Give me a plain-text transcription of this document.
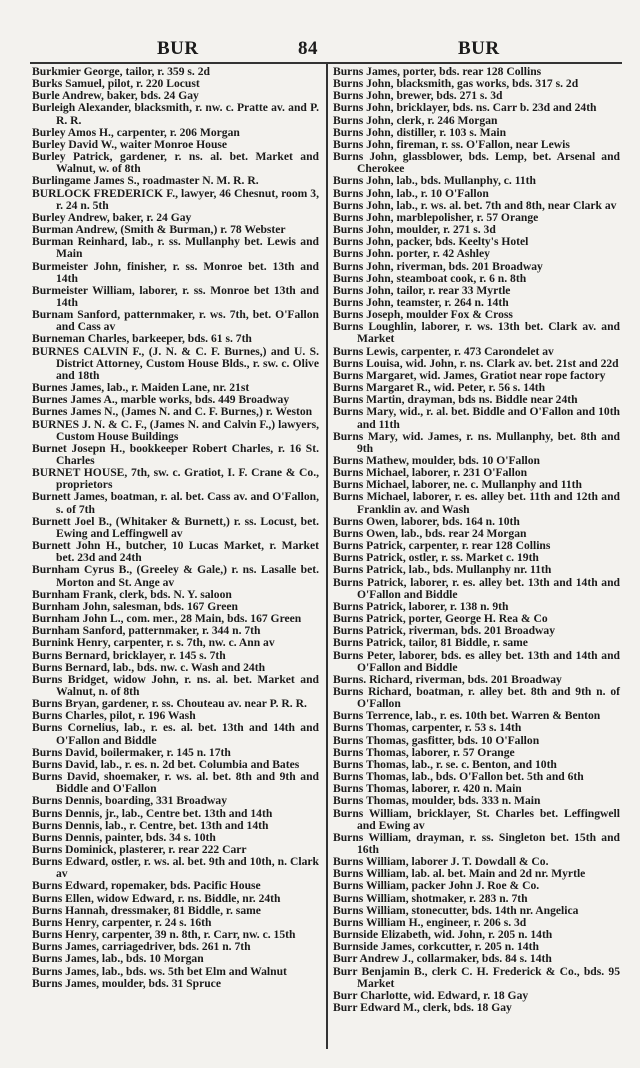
BUR	84	BUR
Burkmier George, tailor, r. 359 s. 2d
Burks Samuel, pilot, r. 220 Locust
Burle Andrew, baker, bds. 24 Gay
Burleigh Alexander, blacksmith, r. nw. c. Pratte av. and P. R. R.
Burley Amos H., carpenter, r. 206 Morgan
Burley David W., waiter Monroe House
Burley Patrick, gardener, r. ns. al. bet. Market and Walnut, w. of 8th
Burlingame James S., roadmaster N. M. R. R.
BURLOCK FREDERICK F., lawyer, 46 Chesnut, room 3, r. 24 n. 5th
Burley Andrew, baker, r. 24 Gay
Burman Andrew, (Smith & Burman,) r. 78 Webster
Burman Reinhard, lab., r. ss. Mullanphy bet. Lewis and Main
Burmeister John, finisher, r. ss. Monroe bet. 13th and 14th
Burmeister William, laborer, r. ss. Monroe bet 13th and 14th
Burnam Sanford, patternmaker, r. ws. 7th, bet. O'Fallon and Cass av
Burneman Charles, barkeeper, bds. 61 s. 7th
BURNES CALVIN F., (J. N. & C. F. Burnes,) and U. S. District Attorney, Custom House Blds., r. sw. c. Olive and 18th
Burnes James, lab., r. Maiden Lane, nr. 21st
Burnes James A., marble works, bds. 449 Broadway
Burnes James N., (James N. and C. F. Burnes,) r. Weston
BURNES J. N. & C. F., (James N. and Calvin F.,) lawyers, Custom House Buildings
Burnet Josepn H., bookkeeper Robert Charles, r. 16 St. Charles
BURNET HOUSE, 7th, sw. c. Gratiot, I. F. Crane & Co., proprietors
Burnett James, boatman, r. al. bet. Cass av. and O'Fallon, s. of 7th
Burnett Joel B., (Whitaker & Burnett,) r. ss. Locust, bet. Ewing and Leffingwell av
Burnett John H., butcher, 10 Lucas Market, r. Market bet. 23d and 24th
Burnham Cyrus B., (Greeley & Gale,) r. ns. Lasalle bet. Morton and St. Ange av
Burnham Frank, clerk, bds. N. Y. saloon
Burnham John, salesman, bds. 167 Green
Burnham John L., com. mer., 28 Main, bds. 167 Green
Burnham Sanford, patternmaker, r. 344 n. 7th
Burnink Henry, carpenter, r. s. 7th, nw. c. Ann av
Burns Bernard, bricklayer, r. 145 s. 7th
Burns Bernard, lab., bds. nw. c. Wash and 24th
Burns Bridget, widow John, r. ns. al. bet. Market and Walnut, n. of 8th
Burns Bryan, gardener, r. ss. Chouteau av. near P. R. R.
Burns Charles, pilot, r. 196 Wash
Burns Cornelius, lab., r. es. al. bet. 13th and 14th and O'Fallon and Biddle
Burns David, boilermaker, r. 145 n. 17th
Burns David, lab., r. es. n. 2d bet. Columbia and Bates
Burns David, shoemaker, r. ws. al. bet. 8th and 9th and Biddle and O'Fallon
Burns Dennis, boarding, 331 Broadway
Burns Dennis, jr., lab., Centre bet. 13th and 14th
Burns Dennis, lab., r. Centre, bet. 13th and 14th
Burns Dennis, painter, bds. 34 s. 10th
Burns Dominick, plasterer, r. rear 222 Carr
Burns Edward, ostler, r. ws. al. bet. 9th and 10th, n. Clark av
Burns Edward, ropemaker, bds. Pacific House
Burns Ellen, widow Edward, r. ns. Biddle, nr. 24th
Burns Hannah, dressmaker, 81 Biddle, r. same
Burns Henry, carpenter, r. 24 s. 16th
Burns Henry, carpenter, 39 n. 8th, r. Carr, nw. c. 15th
Burns James, carriagedriver, bds. 261 n. 7th
Burns James, lab., bds. 10 Morgan
Burns James, lab., bds. ws. 5th bet Elm and Walnut
Burns James, moulder, bds. 31 Spruce
Burns James, porter, bds. rear 128 Collins
Burns John, blacksmith, gas works, bds. 317 s. 2d
Burns John, brewer, bds. 271 s. 3d
Burns John, bricklayer, bds. ns. Carr b. 23d and 24th
Burns John, clerk, r. 246 Morgan
Burns John, distiller, r. 103 s. Main
Burns John, fireman, r. ss. O'Fallon, near Lewis
Burns John, glassblower, bds. Lemp, bet. Arsenal and Cherokee
Burns John, lab., bds. Mullanphy, c. 11th
Burns John, lab., r. 10 O'Fallon
Burns John, lab., r. ws. al. bet. 7th and 8th, near Clark av
Burns John, marblepolisher, r. 57 Orange
Burns John, moulder, r. 271 s. 3d
Burns John, packer, bds. Keelty's Hotel
Burns John. porter, r. 42 Ashley
Burns John, riverman, bds. 201 Broadway
Burns John, steamboat cook, r. 6 n. 8th
Burns John, tailor, r. rear 33 Myrtle
Burns John, teamster, r. 264 n. 14th
Burns Joseph, moulder Fox & Cross
Burns Loughlin, laborer, r. ws. 13th bet. Clark av. and Market
Burns Lewis, carpenter, r. 473 Carondelet av
Burns Louisa, wid. John, r. ns. Clark av. bet. 21st and 22d
Burns Margaret, wid. James, Gratiot near rope factory
Burns Margaret R., wid. Peter, r. 56 s. 14th
Burns Martin, drayman, bds ns. Biddle near 24th
Burns Mary, wid., r. al. bet. Biddle and O'Fallon and 10th and 11th
Burns Mary, wid. James, r. ns. Mullanphy, bet. 8th and 9th
Burns Mathew, moulder, bds. 10 O'Fallon
Burns Michael, laborer, r. 231 O'Fallon
Burns Michael, laborer, ne. c. Mullanphy and 11th
Burns Michael, laborer, r. es. alley bet. 11th and 12th and Franklin av. and Wash
Burns Owen, laborer, bds. 164 n. 10th
Burns Owen, lab., bds. rear 24 Morgan
Burns Patrick, carpenter, r. rear 128 Collins
Burns Patrick, ostler, r. ss. Market c. 19th
Burns Patrick, lab., bds. Mullanphy nr. 11th
Burns Patrick, laborer, r. es. alley bet. 13th and 14th and O'Fallon and Biddle
Burns Patrick, laborer, r. 138 n. 9th
Burns Patrick, porter, George H. Rea & Co
Burns Patrick, riverman, bds. 201 Broadway
Burns Patrick, tailor, 81 Biddle, r. same
Burns Peter, laborer, bds. es alley bet. 13th and 14th and O'Fallon and Biddle
Burns. Richard, riverman, bds. 201 Broadway
Burns Richard, boatman, r. alley bet. 8th and 9th n. of O'Fallon
Burns Terrence, lab., r. es. 10th bet. Warren & Benton
Burns Thomas, carpenter, r. 53 s. 14th
Burns Thomas, gasfitter, bds. 10 O'Fallon
Burns Thomas, laborer, r. 57 Orange
Burns Thomas, lab., r. se. c. Benton, and 10th
Burns Thomas, lab., bds. O'Fallon bet. 5th and 6th
Burns Thomas, laborer, r. 420 n. Main
Burns Thomas, moulder, bds. 333 n. Main
Burns William, bricklayer, St. Charles bet. Leffingwell and Ewing av
Burns William, drayman, r. ss. Singleton bet. 15th and 16th
Burns William, laborer J. T. Dowdall & Co.
Burns William, lab. al. bet. Main and 2d nr. Myrtle
Burns William, packer John J. Roe & Co.
Burns William, shotmaker, r. 283 n. 7th
Burns William, stonecutter, bds. 14th nr. Angelica
Burns William H., engineer, r. 206 s. 3d
Burnside Elizabeth, wid. John, r. 205 n. 14th
Burnside James, corkcutter, r. 205 n. 14th
Burr Andrew J., collarmaker, bds. 84 s. 14th
Burr Benjamin B., clerk C. H. Frederick & Co., bds. 95 Market
Burr Charlotte, wid. Edward, r. 18 Gay
Burr Edward M., clerk, bds. 18 Gay
